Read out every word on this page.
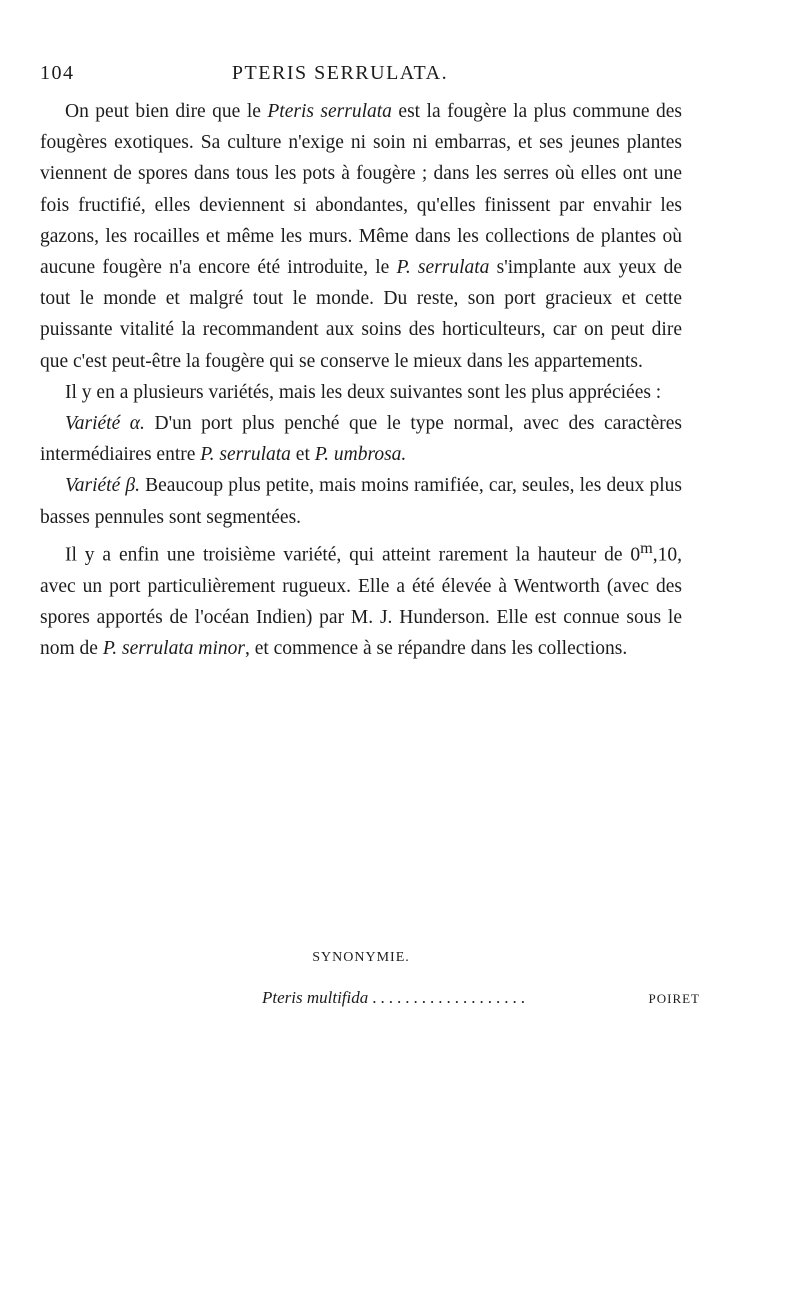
104	PTERIS SERRULATA.

On peut bien dire que le Pteris serrulata est la fougère la plus commune des fougères exotiques. Sa culture n'exige ni soin ni embarras, et ses jeunes plantes viennent de spores dans tous les pots à fougère ; dans les serres où elles ont une fois fructifié, elles deviennent si abondantes, qu'elles finissent par envahir les gazons, les rocailles et même les murs. Même dans les collections de plantes où aucune fougère n'a encore été introduite, le P. serrulata s'implante aux yeux de tout le monde et malgré tout le monde. Du reste, son port gracieux et cette puissante vitalité la recommandent aux soins des horticulteurs, car on peut dire que c'est peut-être la fougère qui se conserve le mieux dans les appartements.

Il y en a plusieurs variétés, mais les deux suivantes sont les plus appréciées :

Variété α. D'un port plus penché que le type normal, avec des caractères intermédiaires entre P. serrulata et P. umbrosa.

Variété β. Beaucoup plus petite, mais moins ramifiée, car, seules, les deux plus basses pennules sont segmentées.

Il y a enfin une troisième variété, qui atteint rarement la hauteur de 0$^m$,10, avec un port particulièrement rugueux. Elle a été élevée à Wentworth (avec des spores apportés de l'océan Indien) par M. J. Hunderson. Elle est connue sous le nom de P. serrulata minor, et commence à se répandre dans les collections.

SYNONYMIE.
Pteris multifida ...................	POIRET
